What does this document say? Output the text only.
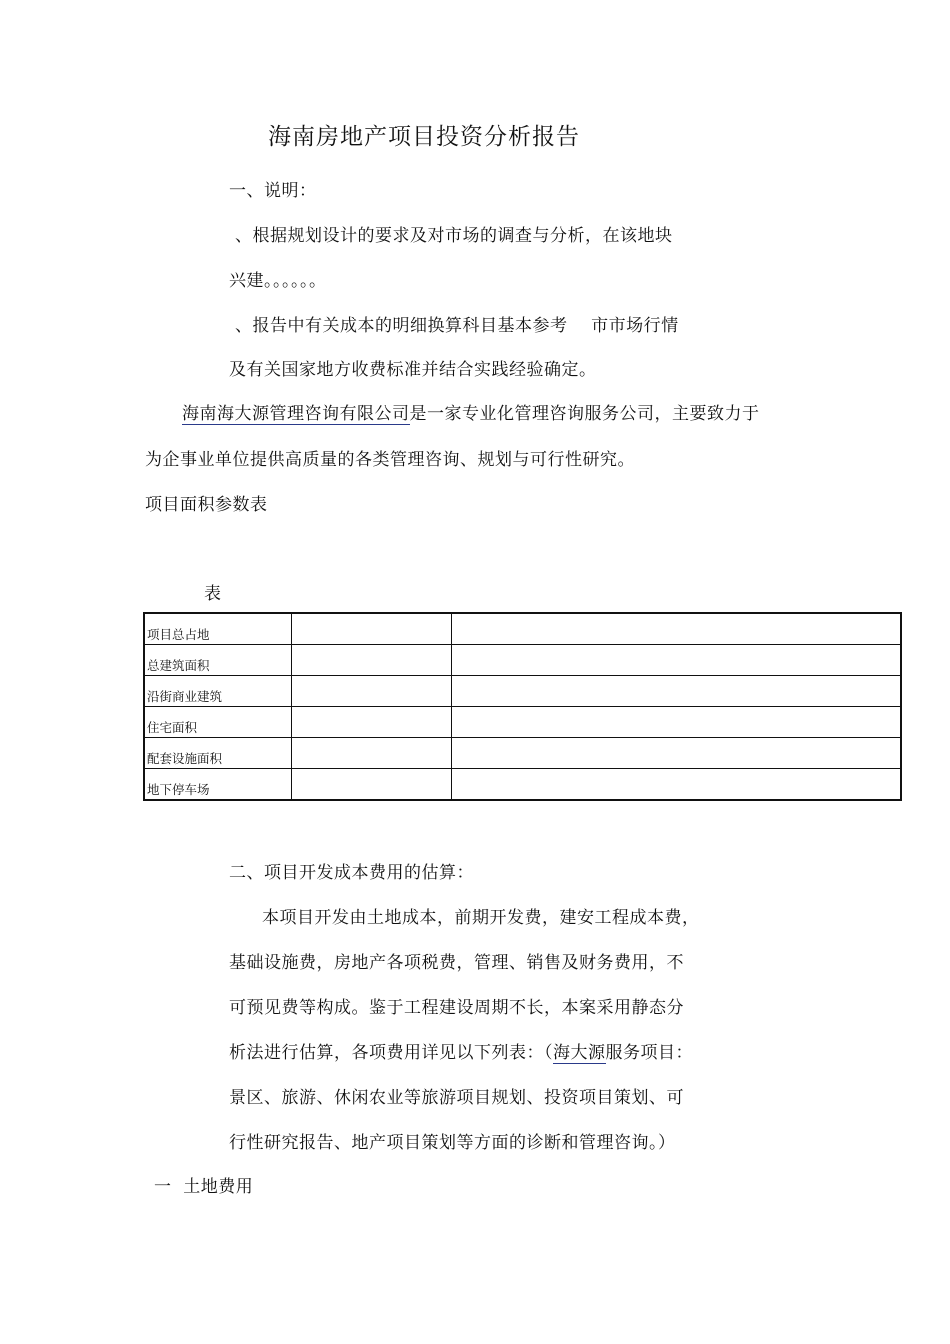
海南房地产项目投资分析报告
一、说明：
、根据规划设计的要求及对市场的调查与分析，在该地块
兴建。。。。。。
、报告中有关成本的明细换算科目基本参考    市市场行情
及有关国家地方收费标准并结合实践经验确定。
海南海大源管理咨询有限公司是一家专业化管理咨询服务公司，主要致力于
为企事业单位提供高质量的各类管理咨询、规划与可行性研究。
项目面积参数表
表
项目总占地		
总建筑面积		
沿街商业建筑		
住宅面积		
配套设施面积		
地下停车场		
二、项目开发成本费用的估算：
本项目开发由土地成本，前期开发费，建安工程成本费，
基础设施费，房地产各项税费，管理、销售及财务费用，不
可预见费等构成。鉴于工程建设周期不长，本案采用静态分
析法进行估算，各项费用详见以下列表：（海大源服务项目：
景区、旅游、休闲农业等旅游项目规划、投资项目策划、可
行性研究报告、地产项目策划等方面的诊断和管理咨询。）
一  土地费用
